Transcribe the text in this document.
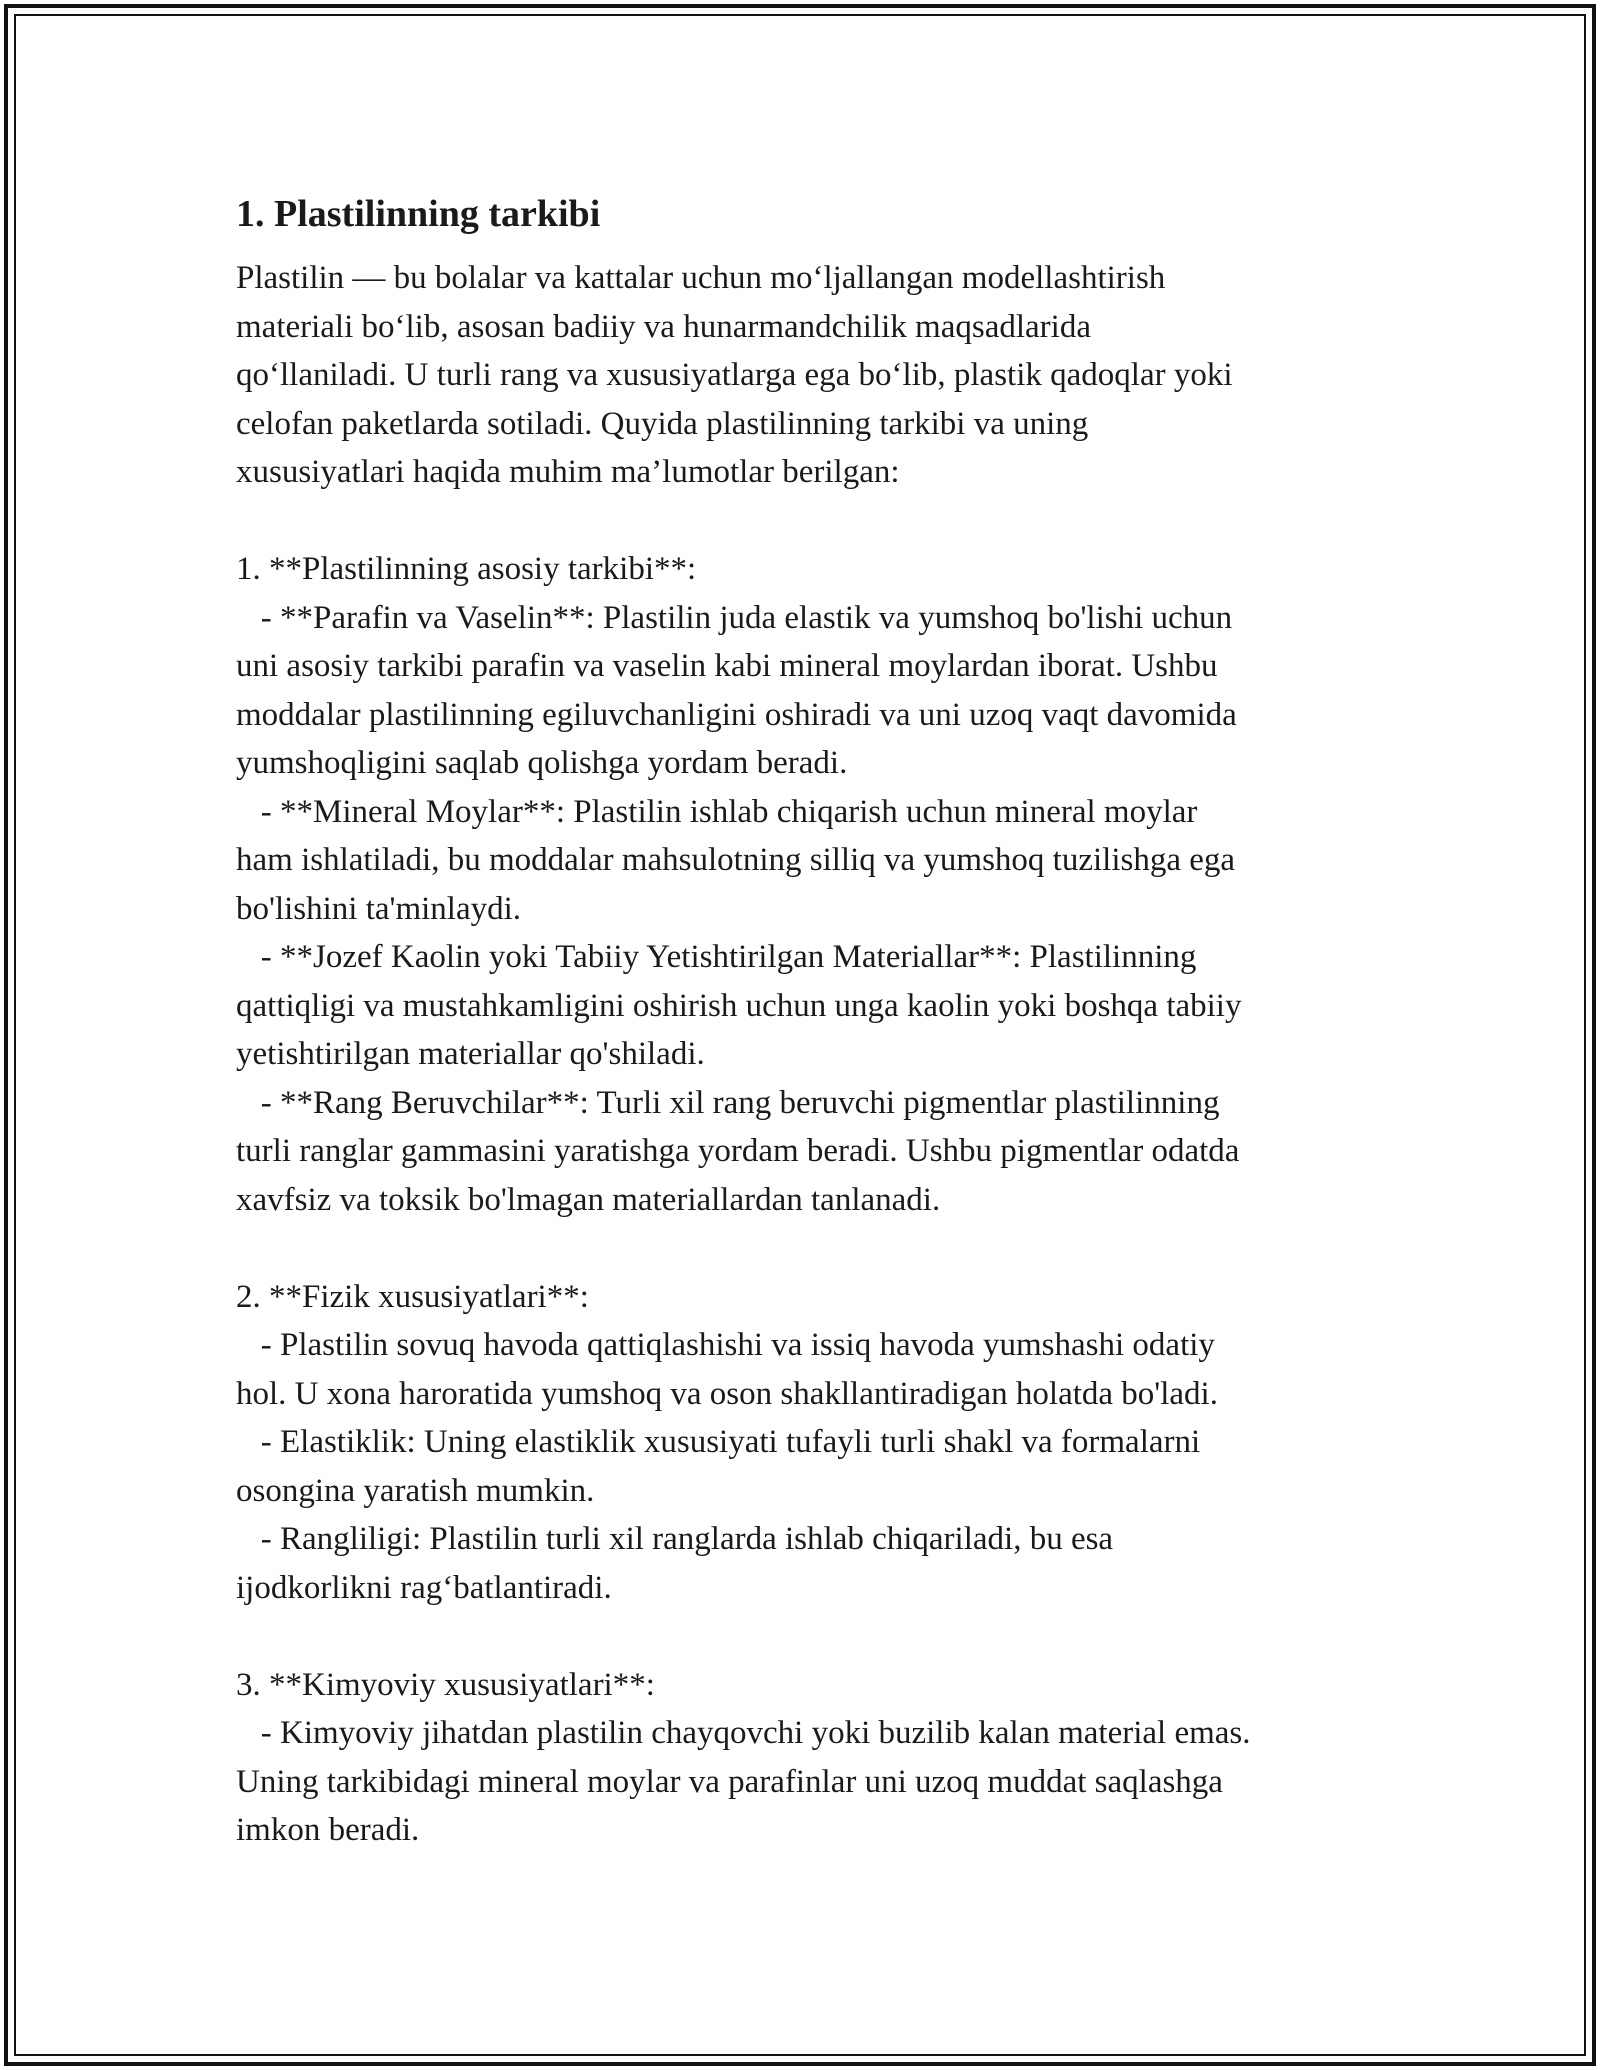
1. Plastilinning tarkibi
Plastilin — bu bolalar va kattalar uchun mo‘ljallangan modellashtirish
materiali bo‘lib, asosan badiiy va hunarmandchilik maqsadlarida
qo‘llaniladi. U turli rang va xususiyatlarga ega bo‘lib, plastik qadoqlar yoki
celofan paketlarda sotiladi. Quyida plastilinning tarkibi va uning
xususiyatlari haqida muhim ma’lumotlar berilgan:
1. **Plastilinning asosiy tarkibi**:
- **Parafin va Vaselin**: Plastilin juda elastik va yumshoq bo'lishi uchun
uni asosiy tarkibi parafin va vaselin kabi mineral moylardan iborat. Ushbu
moddalar plastilinning egiluvchanligini oshiradi va uni uzoq vaqt davomida
yumshoqligini saqlab qolishga yordam beradi.
- **Mineral Moylar**: Plastilin ishlab chiqarish uchun mineral moylar
ham ishlatiladi, bu moddalar mahsulotning silliq va yumshoq tuzilishga ega
bo'lishini ta'minlaydi.
- **Jozef Kaolin yoki Tabiiy Yetishtirilgan Materiallar**: Plastilinning
qattiqligi va mustahkamligini oshirish uchun unga kaolin yoki boshqa tabiiy
yetishtirilgan materiallar qo'shiladi.
- **Rang Beruvchilar**: Turli xil rang beruvchi pigmentlar plastilinning
turli ranglar gammasini yaratishga yordam beradi. Ushbu pigmentlar odatda
xavfsiz va toksik bo'lmagan materiallardan tanlanadi.
2. **Fizik xususiyatlari**:
- Plastilin sovuq havoda qattiqlashishi va issiq havoda yumshashi odatiy
hol. U xona haroratida yumshoq va oson shakllantiradigan holatda bo'ladi.
- Elastiklik: Uning elastiklik xususiyati tufayli turli shakl va formalarni
osongina yaratish mumkin.
- Rangliligi: Plastilin turli xil ranglarda ishlab chiqariladi, bu esa
ijodkorlikni rag‘batlantiradi.
3. **Kimyoviy xususiyatlari**:
- Kimyoviy jihatdan plastilin chayqovchi yoki buzilib kalan material emas.
Uning tarkibidagi mineral moylar va parafinlar uni uzoq muddat saqlashga
imkon beradi.
